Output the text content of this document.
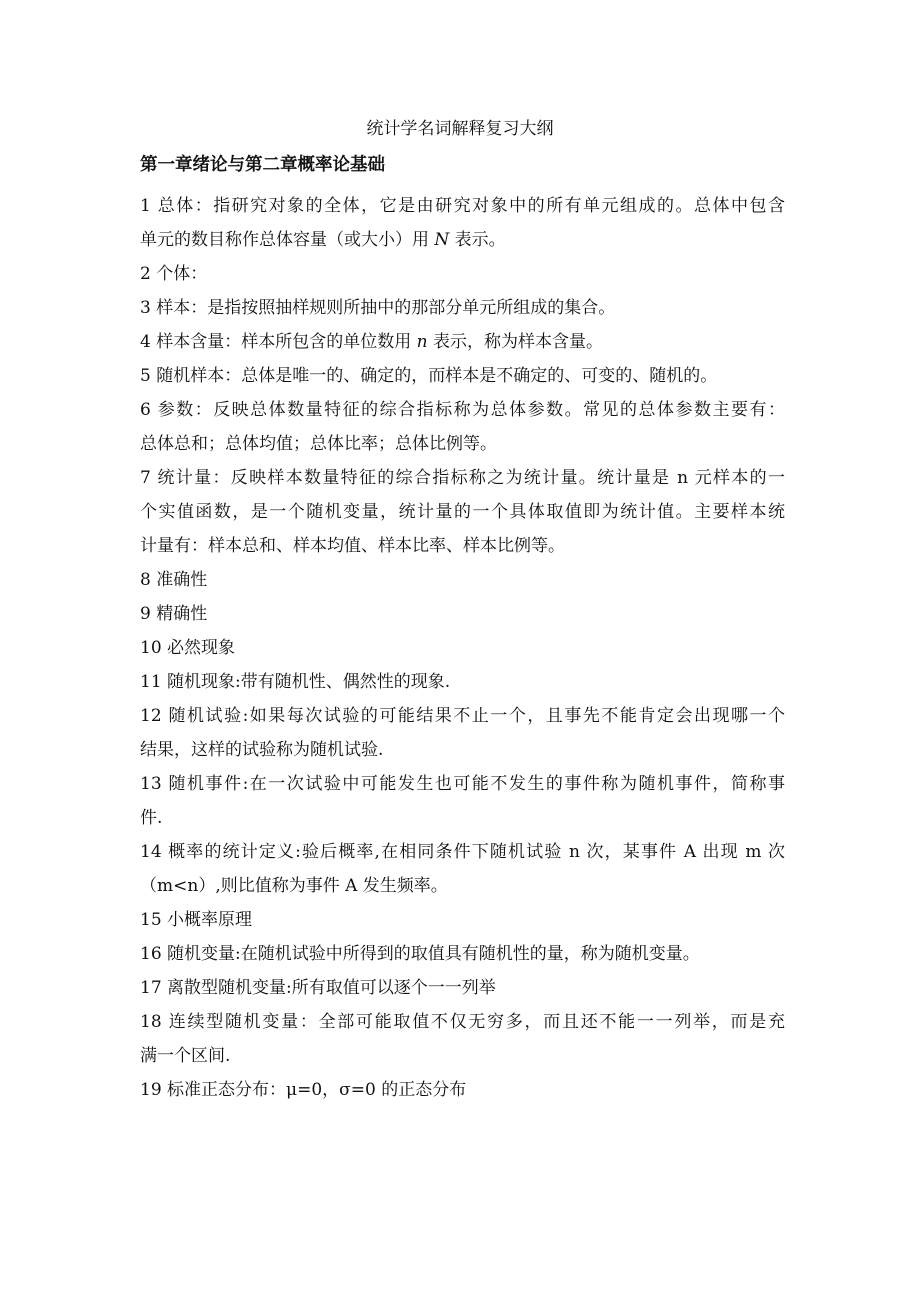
统计学名词解释复习大纲
第一章绪论与第二章概率论基础
1 总体：指研究对象的全体，它是由研究对象中的所有单元组成的。总体中包含
单元的数目称作总体容量（或大小）用 N 表示。
2 个体：
3 样本：是指按照抽样规则所抽中的那部分单元所组成的集合。
4 样本含量：样本所包含的单位数用 n 表示，称为样本含量。
5 随机样本：总体是唯一的、确定的，而样本是不确定的、可变的、随机的。
6 参数：反映总体数量特征的综合指标称为总体参数。常见的总体参数主要有：
总体总和；总体均值；总体比率；总体比例等。
7 统计量：反映样本数量特征的综合指标称之为统计量。统计量是 n 元样本的一
个实值函数，是一个随机变量，统计量的一个具体取值即为统计值。主要样本统
计量有：样本总和、样本均值、样本比率、样本比例等。
8 准确性
9 精确性
10 必然现象
11 随机现象:带有随机性、偶然性的现象.
12 随机试验:如果每次试验的可能结果不止一个，且事先不能肯定会出现哪一个
结果，这样的试验称为随机试验.
13 随机事件:在一次试验中可能发生也可能不发生的事件称为随机事件，简称事
件.
14 概率的统计定义:验后概率,在相同条件下随机试验 n 次，某事件 A 出现 m 次
（m<n）,则比值称为事件 A 发生频率。
15 小概率原理
16 随机变量:在随机试验中所得到的取值具有随机性的量，称为随机变量。
17 离散型随机变量:所有取值可以逐个一一列举
18 连续型随机变量：全部可能取值不仅无穷多，而且还不能一一列举，而是充
满一个区间.
19 标准正态分布：μ=0，σ=0 的正态分布
